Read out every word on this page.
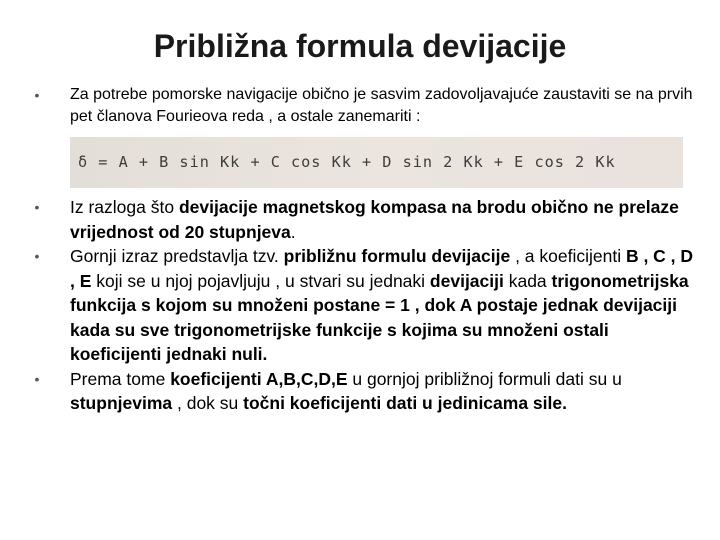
Približna formula devijacije
• Za potrebe pomorske navigacije obično je sasvim zadovoljavajuće zaustaviti se na prvih pet članova Fourieova reda , a ostale zanemariti :
δ = A + B sin Kk + C cos Kk + D sin 2 Kk + E cos 2 Kk
• Iz razloga što devijacije magnetskog kompasa na brodu obično ne prelaze vrijednost od 20 stupnjeva.
• Gornji izraz predstavlja tzv. približnu formulu devijacije , a koeficijenti B , C , D , E koji se u njoj pojavljuju , u stvari su jednaki devijaciji kada trigonometrijska funkcija s kojom su množeni postane = 1 , dok A postaje jednak devijaciji kada su sve trigonometrijske funkcije s kojima su množeni ostali koeficijenti jednaki nuli.
• Prema tome koeficijenti A,B,C,D,E u gornjoj približnoj formuli dati su u stupnjevima , dok su točni koeficijenti dati u jedinicama sile.
